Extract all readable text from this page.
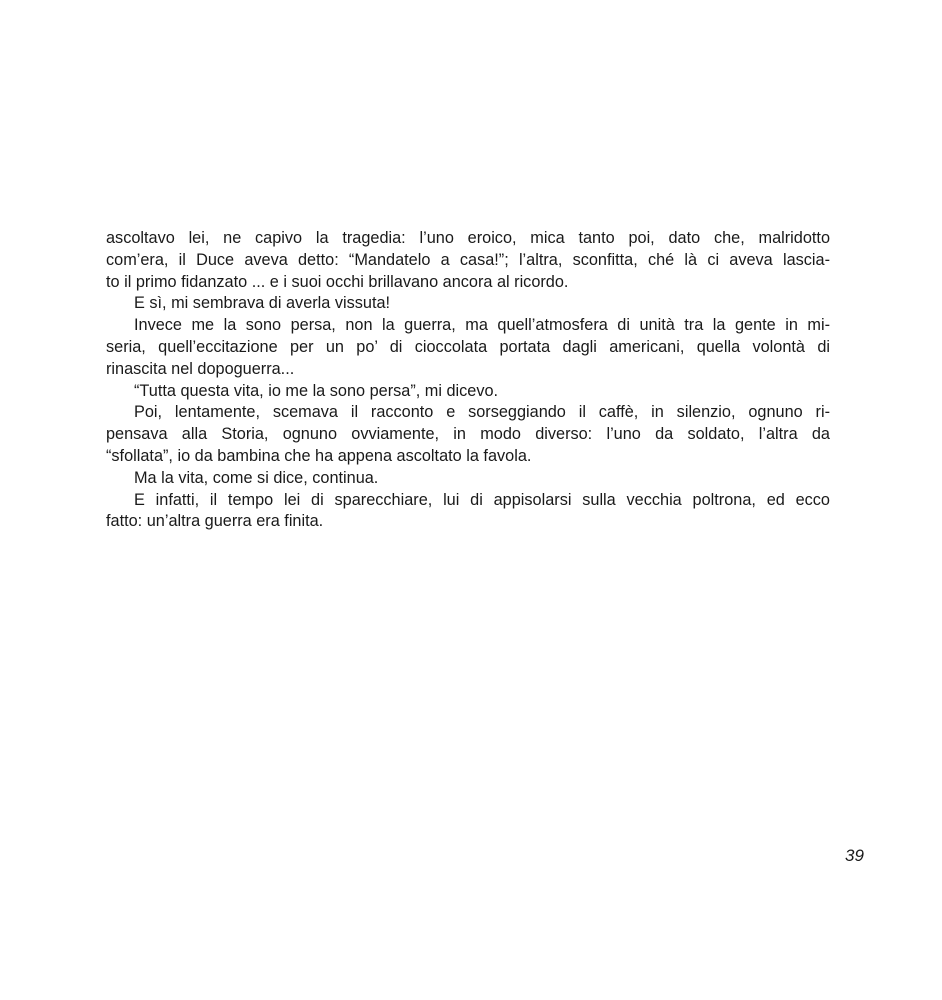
ascoltavo lei, ne capivo la tragedia: l’uno eroico, mica tanto poi, dato che, malridotto
com’era, il Duce aveva detto: “Mandatelo a casa!”; l’altra, sconfitta, ché là ci aveva lascia-
to il primo fidanzato ... e i suoi occhi brillavano ancora al ricordo.
E sì, mi sembrava di averla vissuta!
Invece me la sono persa, non la guerra, ma quell’atmosfera di unità tra la gente in mi-
seria, quell’eccitazione per un po’ di cioccolata portata dagli americani, quella volontà di
rinascita nel dopoguerra...
“Tutta questa vita, io me la sono persa”, mi dicevo.
Poi, lentamente, scemava il racconto e sorseggiando il caffè, in silenzio, ognuno ri-
pensava alla Storia, ognuno ovviamente, in modo diverso: l’uno da soldato, l’altra da
“sfollata”, io da bambina che ha appena ascoltato la favola.
Ma la vita, come si dice, continua.
E infatti, il tempo lei di sparecchiare, lui di appisolarsi sulla vecchia poltrona, ed ecco
fatto: un’altra guerra era finita.
39
